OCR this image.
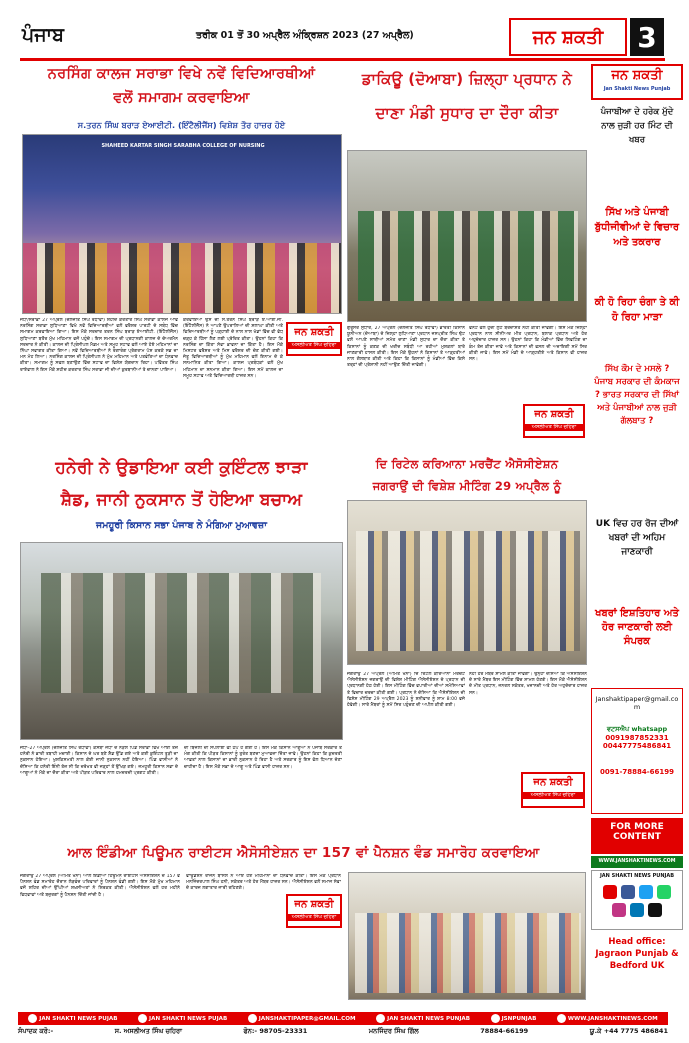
ਪੰਜਾਬ	ਤਰੀਕ 01 ਤੋਂ 30 ਅਪ੍ਰੈਲ ਅੰਕ੍ਰਿਸ਼ਨ 2023 (27 ਅਪ੍ਰੈਲ)	ਜਨ ਸ਼ਕਤੀ 3
ਨਰਸਿੰਗ ਕਾਲਜ ਸਰਾਭਾ ਵਿਖੇ ਨਵੇਂ ਵਿਦਿਆਰਥੀਆਂ
ਵਲੋਂ ਸਮਾਗਮ ਕਰਵਾਇਆ
ਸ.ਤਰਨ ਸਿੰਘ ਬਰਾੜ ਏਆਈਟੀ. (ਇੰਟੈਲੀਜੈਂਸ) ਵਿਸ਼ੇਸ਼ ਤੌਰ ਹਾਜ਼ਰ ਹੋਏ
SHAHEED KARTAR SINGH SARABHA COLLEGE OF NURSING
ਜੋਧਾਂ/ਸਰਾਭਾ 27 ਅਪ੍ਰੈਲ (ਦਲਜੀਤ ਸਿੰਘ ਰੰਧਾਵਾ) ਸ਼ਹੀਦ ਕਰਤਾਰ ਸਿੰਘ ਸਰਾਭਾ ਕਾਲਜ ਆਫ ਨਰਸਿੰਗ ਸਰਾਭਾ ਲੁਧਿਆਣਾ ਵਿਖੇ ਨਵੇਂ ਵਿਦਿਆਰਥੀਆਂ ਵਲੋਂ ਫਰੈਸ਼ਰ ਪਾਰਟੀ ਦੇ ਸਬੰਧ ਵਿੱਚ ਸਮਾਗਮ ਕਰਵਾਇਆ ਗਿਆ। ਇਸ ਮੌਕੇ ਸਰਦਾਰ ਤਰਨ ਸਿੰਘ ਬਰਾੜ ਏਆਈਟੀ. (ਇੰਟੈਲੀਜੈਂਸ) ਲੁਧਿਆਣਾ ਬਤੌਰ ਮੁੱਖ ਮਹਿਮਾਨ ਵਜੋਂ ਪਹੁੰਚੇ। ਇਸ ਸਮਾਗਮ ਦੀ ਪ੍ਰਧਾਨਗੀ ਕਾਲਜ ਦੇ ਚੇਅਰਮੈਨ ਸਰਦਾਰ ਨੇ ਕੀਤੀ। ਕਾਲਜ ਦੀ ਪ੍ਰਿੰਸੀਪਲ ਮੈਡਮ ਅਤੇ ਸਮੂਹ ਸਟਾਫ ਵਲੋਂ ਆਏ ਹੋਏ ਮਹਿਮਾਨਾਂ ਦਾ ਨਿੱਘਾ ਸਵਾਗਤ ਕੀਤਾ ਗਿਆ। ਨਵੇਂ ਵਿਦਿਆਰਥੀਆਂ ਨੇ ਰੰਗਾਰੰਗ ਪ੍ਰੋਗਰਾਮ ਪੇਸ਼ ਕਰਕੇ ਸਭ ਦਾ ਮਨ ਮੋਹ ਲਿਆ। ਨਰਸਿੰਗ ਕਾਲਜ ਦੀ ਪ੍ਰਿੰਸੀਪਲ ਨੇ ਮੁੱਖ ਮਹਿਮਾਨ ਅਤੇ ਪਤਵੰਤਿਆਂ ਦਾ ਧੰਨਵਾਦ ਕੀਤਾ। ਸਮਾਗਮ ਨੂੰ ਸਫਲ ਬਣਾਉਣ ਵਿੱਚ ਸਟਾਫ ਦਾ ਵਿਸ਼ੇਸ਼ ਯੋਗਦਾਨ ਰਿਹਾ। ਪਵਿੱਤਰ ਸਿੰਘ ਰਾਏਵਾਲ ਨੇ ਇਸ ਮੌਕੇ ਸ਼ਹੀਦ ਕਰਤਾਰ ਸਿੰਘ ਸਰਾਭਾ ਜੀ ਦੀਆਂ ਕੁਰਬਾਨੀਆਂ ਤੇ ਚਾਨਣਾ ਪਾਇਆ।
ਕਰਵਾਇਆ ਉਸ ਦੀ ਸ.ਤਰਨ ਸਿੰਘ ਬਰਾੜ ਏ.ਆਈ.ਜੀ. (ਇੰਟੈਲੀਜੈਂਸ) ਨੇ ਆਪਣੇ ਉਪਰਾਲਿਆਂ ਦੀ ਸ਼ਲਾਘਾ ਕੀਤੀ ਅਤੇ ਵਿਦਿਆਰਥੀਆਂ ਨੂੰ ਪੜ੍ਹਾਈ ਦੇ ਨਾਲ ਨਾਲ ਖੇਡਾਂ ਵਿੱਚ ਵੀ ਵੱਧ ਚੜ੍ਹ ਕੇ ਹਿੱਸਾ ਲੈਣ ਲਈ ਪ੍ਰੇਰਿਤ ਕੀਤਾ। ਉਹਨਾਂ ਕਿਹਾ ਕਿ ਨਰਸਿੰਗ ਦਾ ਕਿੱਤਾ ਸੇਵਾ ਭਾਵਨਾ ਦਾ ਕਿੱਤਾ ਹੈ। ਇਸ ਮੌਕੇ ਮਿਸਟਰ ਫਰੈਸ਼ਰ ਅਤੇ ਮਿਸ ਫਰੈਸ਼ਰ ਦੀ ਚੋਣ ਕੀਤੀ ਗਈ। ਜੇਤੂ ਵਿਦਿਆਰਥੀਆਂ ਨੂੰ ਮੁੱਖ ਮਹਿਮਾਨ ਵਲੋਂ ਇਨਾਮ ਦੇ ਕੇ ਸਨਮਾਨਿਤ ਕੀਤਾ ਗਿਆ। ਕਾਲਜ ਪ੍ਰਬੰਧਕਾਂ ਵਲੋਂ ਮੁੱਖ ਮਹਿਮਾਨ ਦਾ ਸਨਮਾਨ ਕੀਤਾ ਗਿਆ। ਇਸ ਸਮੇਂ ਕਾਲਜ ਦਾ ਸਮੂਹ ਸਟਾਫ ਅਤੇ ਵਿਦਿਆਰਥੀ ਹਾਜ਼ਰ ਸਨ।
ਜਨ ਸ਼ਕਤੀ
ਅਸਲੀਅਤ ਸਿੰਘ ਚਹਿਰਾ
ਡਾਕਿਊ (ਦੋਆਬਾ) ਜ਼ਿਲ੍ਹਾ ਪ੍ਰਧਾਨ ਨੇ
ਦਾਣਾ ਮੰਡੀ ਸੁਧਾਰ ਦਾ ਦੌਰਾ ਕੀਤਾ
ਗੁਰੂਸਰ ਸੁਧਾਰ, 27 ਅਪ੍ਰੈਲ (ਦਲਜੀਤ ਸਿੰਘ ਰੰਧਾਵਾ) ਭਾਰਤੀ ਕਿਸਾਨ ਯੂਨੀਅਨ (ਦੋਆਬਾ) ਦੇ ਜ਼ਿਲ੍ਹਾ ਲੁਧਿਆਣਾ ਪ੍ਰਧਾਨ ਜਸਪ੍ਰੀਤ ਸਿੰਘ ਢੱਟ ਵਲੋਂ ਆਪਣੇ ਸਾਥੀਆਂ ਸਮੇਤ ਦਾਣਾ ਮੰਡੀ ਸੁਧਾਰ ਦਾ ਦੌਰਾ ਕੀਤਾ ਤੇ ਕਿਸਾਨਾਂ ਨੂੰ ਕਣਕ ਦੀ ਖਰੀਦ ਸਬੰਧੀ ਆ ਰਹੀਆਂ ਮੁਸ਼ਕਲਾਂ ਬਾਰੇ ਜਾਣਕਾਰੀ ਹਾਸਲ ਕੀਤੀ। ਇਸ ਮੌਕੇ ਉਹਨਾਂ ਨੇ ਕਿਸਾਨਾਂ ਤੇ ਆੜ੍ਹਤੀਆਂ ਨਾਲ ਗੱਲਬਾਤ ਕੀਤੀ ਅਤੇ ਕਿਹਾ ਕਿ ਕਿਸਾਨਾਂ ਨੂੰ ਮੰਡੀਆਂ ਵਿੱਚ ਕਿਸੇ ਤਰ੍ਹਾਂ ਦੀ ਪ੍ਰੇਸ਼ਾਨੀ ਨਹੀਂ ਆਉਣ ਦਿੱਤੀ ਜਾਵੇਗੀ।
ਫੋਨਟ ਵੇਲੇ ਹੁੰਦੀ ਲੁੱਟ ਬਰਦਾਸ਼ਤ ਨਹੀਂ ਕੀਤੀ ਜਾਵੇਗੀ। ਇਸ ਮੌਕੇ ਜ਼ਿਲ੍ਹਾ ਪ੍ਰਧਾਨ ਨਾਲ ਸੀਨੀਅਰ ਮੀਤ ਪ੍ਰਧਾਨ, ਬਲਾਕ ਪ੍ਰਧਾਨ ਅਤੇ ਹੋਰ ਅਹੁਦੇਦਾਰ ਹਾਜ਼ਰ ਸਨ। ਉਹਨਾਂ ਕਿਹਾ ਕਿ ਮੰਡੀਆਂ ਵਿੱਚ ਲਿਫਟਿੰਗ ਦਾ ਕੰਮ ਤੇਜ਼ ਕੀਤਾ ਜਾਵੇ ਅਤੇ ਕਿਸਾਨਾਂ ਦੀ ਫਸਲ ਦੀ ਅਦਾਇਗੀ ਸਮੇਂ ਸਿਰ ਕੀਤੀ ਜਾਵੇ। ਇਸ ਸਮੇਂ ਮੰਡੀ ਦੇ ਆੜ੍ਹਤੀਏ ਅਤੇ ਕਿਸਾਨ ਵੀ ਹਾਜ਼ਰ ਸਨ।
ਜਨ ਸ਼ਕਤੀ
ਅਸਲੀਅਤ ਸਿੰਘ ਚਹਿਰਾ
ਹਨੇਰੀ ਨੇ ਉਡਾਇਆ ਕਈ ਕੁਇੰਟਲ ਝਾੜਾ
ਸ਼ੈਡ, ਜਾਨੀ ਨੁਕਸਾਨ ਤੋਂ ਹੋਇਆ ਬਚਾਅ
ਜਮਹੂਰੀ ਕਿਸਾਨ ਸਭਾ ਪੰਜਾਬ ਨੇ ਮੰਗਿਆ ਮੁਆਵਜ਼ਾ
ਜੋਧਾਂ–27 ਅਪ੍ਰੈਲ (ਦਲਜੀਤ ਸਿੰਘ ਰੰਧਾਵਾ) ਕਸਬਾ ਜੋਧਾਂ ਦੇ ਨੇੜਲੇ ਪਿੰਡ ਸਰਾਭਾ ਵਿਖੇ ਆਈ ਤੇਜ਼ ਹਨੇਰੀ ਨੇ ਭਾਰੀ ਤਬਾਹੀ ਮਚਾਈ। ਕਿਸਾਨ ਦੇ ਘਰ ਬਣੇ ਸ਼ੈਡ ਉੱਡ ਗਏ ਅਤੇ ਕਈ ਕੁਇੰਟਲ ਤੂੜੀ ਦਾ ਨੁਕਸਾਨ ਹੋਇਆ। ਖੁਸ਼ਕਿਸਮਤੀ ਨਾਲ ਕੋਈ ਜਾਨੀ ਨੁਕਸਾਨ ਨਹੀਂ ਹੋਇਆ। ਪਿੰਡ ਵਾਸੀਆਂ ਨੇ ਦੱਸਿਆ ਕਿ ਹਨੇਰੀ ਇੰਨੀ ਤੇਜ਼ ਸੀ ਕਿ ਦਰੱਖਤ ਵੀ ਜੜ੍ਹਾਂ ਤੋਂ ਉੱਖੜ ਗਏ। ਜਮਹੂਰੀ ਕਿਸਾਨ ਸਭਾ ਦੇ ਆਗੂਆਂ ਨੇ ਮੌਕੇ ਦਾ ਦੌਰਾ ਕੀਤਾ ਅਤੇ ਪੀੜਤ ਪਰਿਵਾਰ ਨਾਲ ਹਮਦਰਦੀ ਪ੍ਰਗਟ ਕੀਤੀ।
ਦੀ ਬਿਜਲੀ ਦੀ ਸਪਲਾਈ ਵੀ ਠੱਪ ਹੋ ਗਈ ਹੈ। ਇਸ ਮੌਕੇ ਕਿਸਾਨ ਆਗੂਆਂ ਨੇ ਪੰਜਾਬ ਸਰਕਾਰ ਤੋਂ ਮੰਗ ਕੀਤੀ ਕਿ ਪੀੜਤ ਕਿਸਾਨਾਂ ਨੂੰ ਤੁਰੰਤ ਬਣਦਾ ਮੁਆਵਜ਼ਾ ਦਿੱਤਾ ਜਾਵੇ। ਉਹਨਾਂ ਕਿਹਾ ਕਿ ਕੁਦਰਤੀ ਆਫ਼ਤਾਂ ਨਾਲ ਕਿਸਾਨਾਂ ਦਾ ਭਾਰੀ ਨੁਕਸਾਨ ਹੋ ਰਿਹਾ ਹੈ ਅਤੇ ਸਰਕਾਰ ਨੂੰ ਇਸ ਵੱਲ ਧਿਆਨ ਦੇਣਾ ਚਾਹੀਦਾ ਹੈ। ਇਸ ਮੌਕੇ ਸਭਾ ਦੇ ਆਗੂ ਅਤੇ ਪਿੰਡ ਵਾਸੀ ਹਾਜ਼ਰ ਸਨ।
ਦਿ ਰਿਟੇਲ ਕਰਿਆਨਾ ਮਰਚੈਂਟ ਐਸੋਸੀਏਸ਼ਨ
ਜਗਰਾਉਂ ਦੀ ਵਿਸ਼ੇਸ਼ ਮੀਟਿੰਗ 29 ਅਪ੍ਰੈਲ ਨੂੰ
ਜਗਰਾਉਂ 27 ਅਪ੍ਰੈਲ (ਅਮਿਤ ਖੰਨਾ) ਦਿ ਰਿਟੇਲ ਕਰਿਆਨਾ ਮਰਚੈਂਟ ਐਸੋਸੀਏਸ਼ਨ ਜਗਰਾਉਂ ਦੀ ਵਿਸ਼ੇਸ਼ ਮੀਟਿੰਗ ਐਸੋਸੀਏਸ਼ਨ ਦੇ ਪ੍ਰਧਾਨ ਦੀ ਪ੍ਰਧਾਨਗੀ ਹੇਠ ਹੋਈ। ਇਸ ਮੀਟਿੰਗ ਵਿੱਚ ਵਪਾਰੀਆਂ ਦੀਆਂ ਸਮੱਸਿਆਵਾਂ ਤੇ ਵਿਚਾਰ ਚਰਚਾ ਕੀਤੀ ਗਈ। ਪ੍ਰਧਾਨ ਨੇ ਦੱਸਿਆ ਕਿ ਐਸੋਸੀਏਸ਼ਨ ਦੀ ਵਿਸ਼ੇਸ਼ ਮੀਟਿੰਗ 29 ਅਪ੍ਰੈਲ 2023 ਨੂੰ ਸ਼ਨੀਵਾਰ ਨੂੰ ਸ਼ਾਮ 8:00 ਵਜੇ ਹੋਵੇਗੀ। ਸਾਰੇ ਮੈਂਬਰਾਂ ਨੂੰ ਸਮੇਂ ਸਿਰ ਪਹੁੰਚਣ ਦੀ ਅਪੀਲ ਕੀਤੀ ਗਈ।
ਨਹੀਂ ਹਰ ਮੈਂਬਰ ਸ਼ਾਮਲ ਕੀਤਾ ਜਾਵੇਗਾ। ਉਨ੍ਹਾਂ ਦੱਸਿਆ ਕਿ ਐਸੋਸੀਏਸ਼ਨ ਦੇ ਸਾਰੇ ਮੈਂਬਰ ਇਸ ਮੀਟਿੰਗ ਵਿੱਚ ਸ਼ਾਮਲ ਹੋਣਗੇ। ਇਸ ਮੌਕੇ ਐਸੋਸੀਏਸ਼ਨ ਦੇ ਮੀਤ ਪ੍ਰਧਾਨ, ਜਨਰਲ ਸਕੱਤਰ, ਖਜ਼ਾਨਚੀ ਅਤੇ ਹੋਰ ਅਹੁਦੇਦਾਰ ਹਾਜ਼ਰ ਸਨ।
ਜਨ ਸ਼ਕਤੀ
ਅਸਲੀਅਤ ਸਿੰਘ ਚਹਿਰਾ
ਆਲ ਇੰਡੀਆ ਪਿਊਮਨ ਰਾਈਟਸ ਐਸੋਸੀਏਸ਼ਨ ਦਾ 157 ਵਾਂ ਪੈਨਸ਼ਨ ਵੰਡ ਸਮਾਰੋਹ ਕਰਵਾਇਆ
ਜਗਰਾਉਂ 27 ਅਪ੍ਰੈਲ (ਅਮਿਤ ਖੰਨਾ) ਆਲ ਇੰਡੀਆ ਹਿਊਮਨ ਰਾਈਟਸ ਐਸੋਸੀਏਸ਼ਨ ਦੇ 157 ਵੇਂ ਪੈਨਸ਼ਨ ਵੰਡ ਸਮਾਰੋਹ ਦੌਰਾਨ ਲੋੜਵੰਦ ਪਰਿਵਾਰਾਂ ਨੂੰ ਪੈਨਸ਼ਨ ਵੰਡੀ ਗਈ। ਇਸ ਮੌਕੇ ਮੁੱਖ ਮਹਿਮਾਨ ਵਜੋਂ ਸ਼ਹਿਰ ਦੀਆਂ ਉੱਘੀਆਂ ਸ਼ਖ਼ਸੀਅਤਾਂ ਨੇ ਸ਼ਿਰਕਤ ਕੀਤੀ। ਐਸੋਸੀਏਸ਼ਨ ਵਲੋਂ ਹਰ ਮਹੀਨੇ ਵਿਧਵਾਵਾਂ ਅਤੇ ਬਜ਼ੁਰਗਾਂ ਨੂੰ ਪੈਨਸ਼ਨ ਦਿੱਤੀ ਜਾਂਦੀ ਹੈ।
ਫਾਊਂਡੇਸ਼ਨ ਰਾਜਨ ਬਾਂਸਲ ਨੇ ਆਏ ਹੋਏ ਮਹਿਮਾਨਾਂ ਦਾ ਧੰਨਵਾਦ ਕੀਤਾ। ਇਸ ਮੌਕੇ ਪ੍ਰਧਾਨ ਮਨਜਿੰਦਰਪਾਲ ਸਿੰਘ ਹਨੀ, ਸਕੱਤਰ ਅਤੇ ਹੋਰ ਮੈਂਬਰ ਹਾਜ਼ਰ ਸਨ। ਐਸੋਸੀਏਸ਼ਨ ਵਲੋਂ ਸਮਾਜ ਸੇਵਾ ਦੇ ਕਾਰਜ ਲਗਾਤਾਰ ਜਾਰੀ ਰਹਿਣਗੇ।
ਜਨ ਸ਼ਕਤੀ
ਅਸਲੀਅਤ ਸਿੰਘ ਚਹਿਰਾ
ਜਨ ਸ਼ਕਤੀ
Jan Shakti News Punjab
ਪੰਜਾਬੀਆ ਦੇ ਹਰੇਕ ਮੁੱਦੇ ਨਾਲ ਜੁੜੀ ਹਰ ਮਿੰਟ ਦੀ ਖਬਰ
ਸਿੱਖ ਅਤੇ ਪੰਜਾਬੀ ਬੁੱਧੀਜੀਵੀਆਂ ਦੇ ਵਿਚਾਰ ਅਤੇ ਤਕਰਾਰ
ਕੀ ਹੋ ਰਿਹਾ ਚੰਗਾ ਤੇ ਕੀ ਹੋ ਰਿਹਾ ਮਾੜਾ
ਸਿੱਖ ਕੌਮ ਦੇ ਮਸਲੇ ? ਪੰਜਾਬ ਸਰਕਾਰ ਦੀ ਕੰਮਕਾਜ ? ਭਾਰਤ ਸਰਕਾਰ ਦੀ ਸਿੱਖਾਂ ਅਤੇ ਪੰਜਾਬੀਆਂ ਨਾਲ ਜੁੜੀ ਗੱਲਬਾਤ ?
UK ਵਿਚ ਹਰ ਰੋਜ ਦੀਆਂ ਖਬਰਾਂ ਦੀ ਅਹਿਮ ਜਾਣਕਾਰੀ
ਖਬਰਾਂ ਇਸ਼ਤਿਹਾਰ ਅਤੇ ਹੋਰ ਜਾਣਕਾਰੀ ਲਈ ਸੰਪਰਕ
Janshaktipaper@gmail.com
ਵਟਸਐਪ whatsapp
0091987852331
00447775486841
0091-78884-66199
FOR MORE CONTENT
WWW.JANSHAKTINEWS.COM
JAN SHAKTI NEWS PUNJAB
Head office: Jagraon Punjab & Bedford UK
JAN SHAKTI NEWS PUJAB	JAN SHAKTI NEWS PUJAB	JANSHAKTIPAPER@GMAIL.COM	JAN SHAKTI NEWS PUNJAB	JSNPUNJAB	WWW.JANSHAKTINEWS.COM
ਸੰਪਾਦਕ ਕਰੋ:-	ਸ. ਅਸਲੀਅਤ ਸਿੰਘ ਚਹਿਰਾ	ਫੋਨ:- 98705-23331	ਮਨਜਿੰਦਰ ਸਿੰਘ ਗਿੱਲ	78884-66199	ਯੂ.ਕੇ +44 7775 486841
